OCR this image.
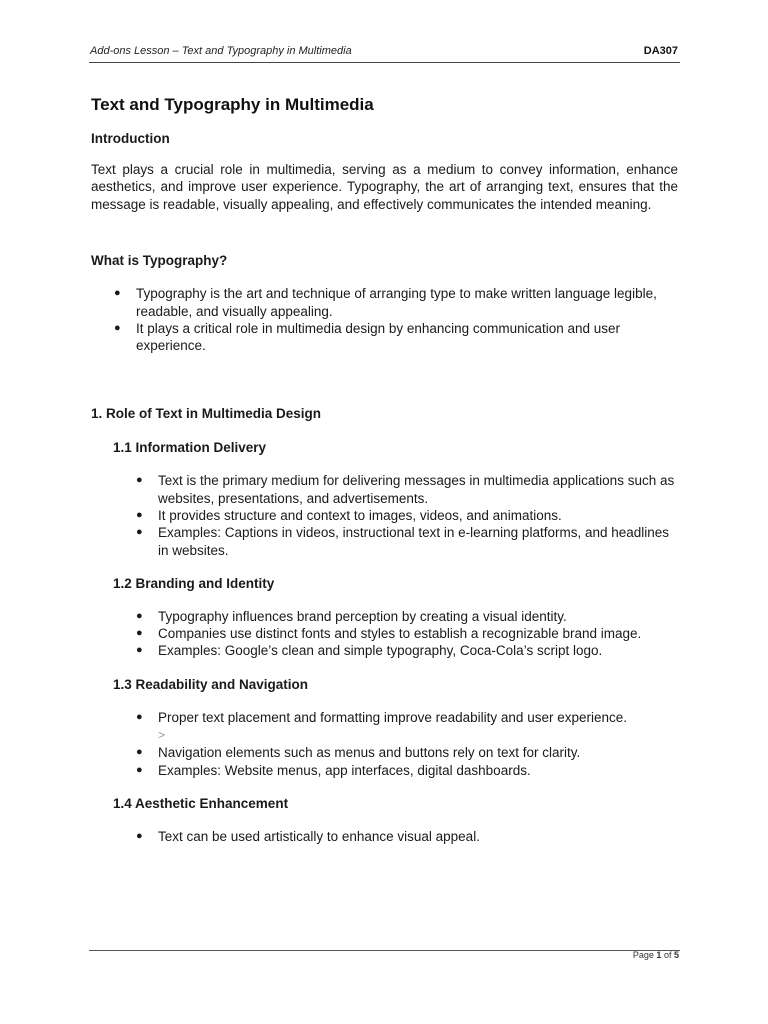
Add-ons Lesson – Text and Typography in Multimedia	DA307
Text and Typography in Multimedia
Introduction

Text plays a crucial role in multimedia, serving as a medium to convey information, enhance aesthetics, and improve user experience. Typography, the art of arranging text, ensures that the message is readable, visually appealing, and effectively communicates the intended meaning.

What is Typography?
● Typography is the art and technique of arranging type to make written language legible, readable, and visually appealing.
● It plays a critical role in multimedia design by enhancing communication and user experience.
1. Role of Text in Multimedia Design
1.1 Information Delivery
● Text is the primary medium for delivering messages in multimedia applications such as websites, presentations, and advertisements.
● It provides structure and context to images, videos, and animations.
● Examples: Captions in videos, instructional text in e-learning platforms, and headlines in websites.
1.2 Branding and Identity
● Typography influences brand perception by creating a visual identity.
● Companies use distinct fonts and styles to establish a recognizable brand image.
● Examples: Google’s clean and simple typography, Coca-Cola’s script logo.
1.3 Readability and Navigation
● Proper text placement and formatting improve readability and user experience.
>
● Navigation elements such as menus and buttons rely on text for clarity.
● Examples: Website menus, app interfaces, digital dashboards.
1.4 Aesthetic Enhancement
● Text can be used artistically to enhance visual appeal.
Page 1 of 5
